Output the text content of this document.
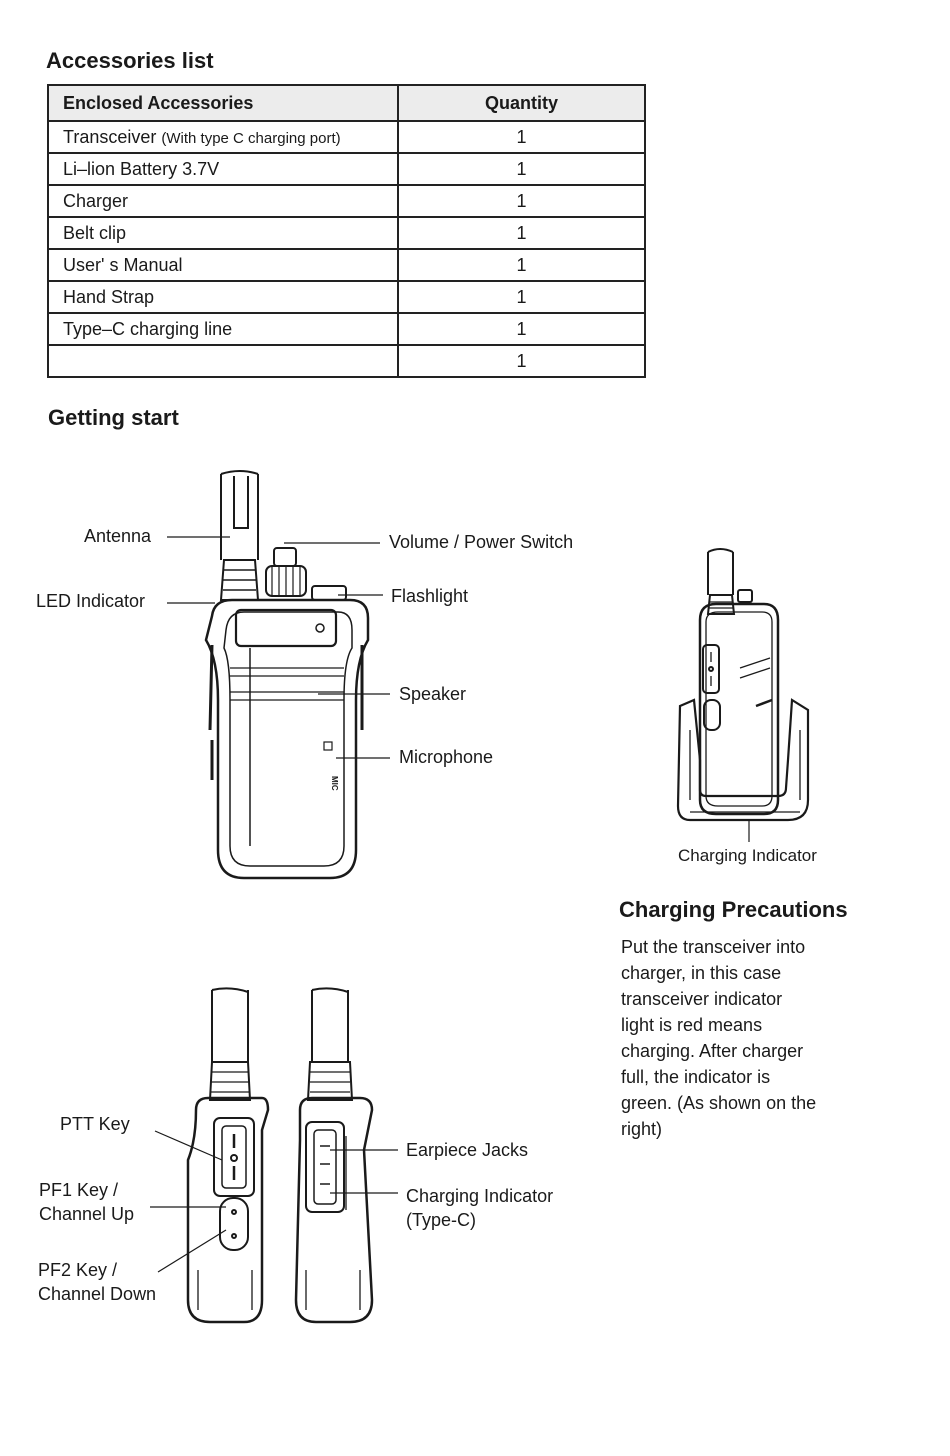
Accessories list
Enclosed Accessories	Quantity
Transceiver (With type C charging port)	1
Li–lion Battery 3.7V	1
Charger	1
Belt clip	1
User' s Manual	1
Hand Strap	1
Type–C charging line	1
	1
Getting start
MIC
Antenna	Volume / Power Switch
LED Indicator	Flashlight
Speaker
Microphone
Charging Indicator
Charging Precautions
Put the transceiver into
charger, in this case
transceiver indicator
light is red means
charging. After charger
full, the indicator is
green. (As shown on the
right)
PTT Key
PF1 Key /
Channel Up
PF2 Key /
Channel Down
Earpiece Jacks
Charging Indicator
(Type-C)
